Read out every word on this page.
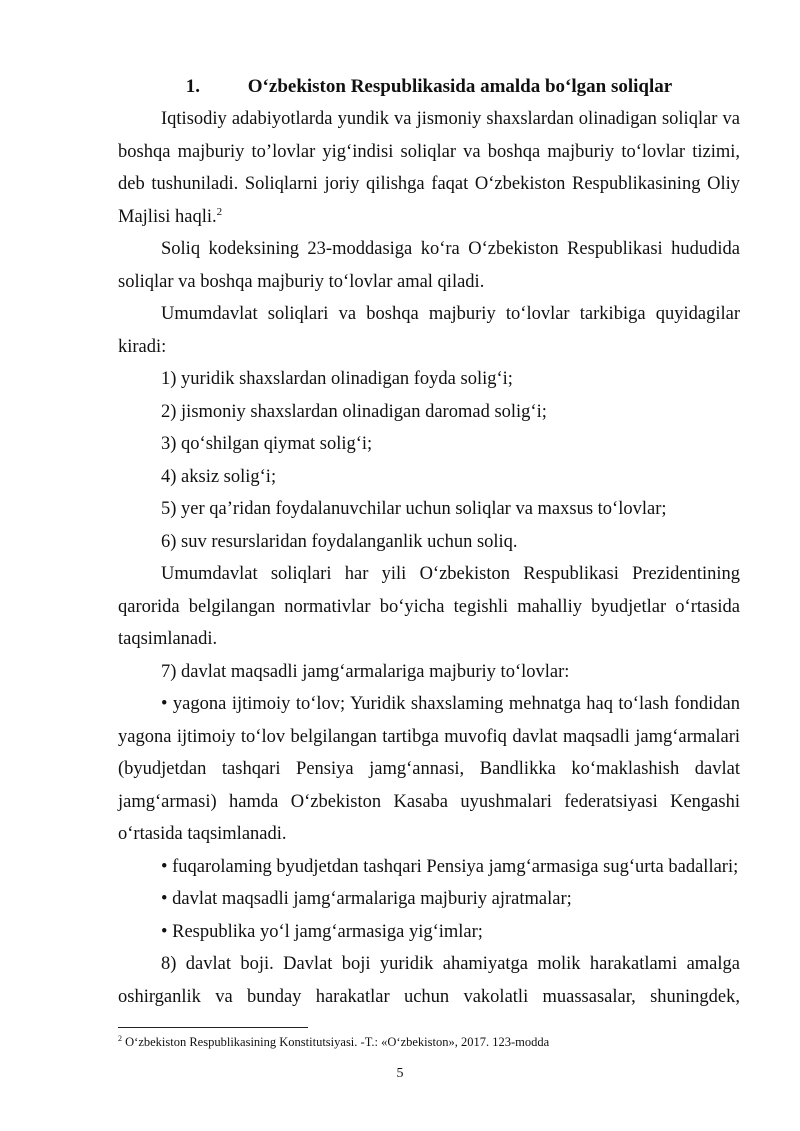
1.	O‘zbekiston Respublikasida amalda bo‘lgan soliqlar

Iqtisodiy adabiyotlarda yundik va jismoniy shaxslardan olinadigan soliqlar va boshqa majburiy to’lovlar yig‘indisi soliqlar va boshqa majburiy to‘lovlar tizimi, deb tushuniladi. Soliqlarni joriy qilishga faqat O‘zbekiston Respublikasining Oliy Majlisi haqli.$^2$

Soliq kodeksining 23-moddasiga ko‘ra O‘zbekiston Respublikasi hududida soliqlar va boshqa majburiy to‘lovlar amal qiladi.

Umumdavlat soliqlari va boshqa majburiy to‘lovlar tarkibiga quyidagilar kiradi:

1) yuridik shaxslardan olinadigan foyda solig‘i;

2) jismoniy shaxslardan olinadigan daromad solig‘i;

3) qo‘shilgan qiymat solig‘i;

4) aksiz solig‘i;

5) yer qa’ridan foydalanuvchilar uchun soliqlar va maxsus to‘lovlar;

6) suv resurslaridan foydalanganlik uchun soliq.

Umumdavlat soliqlari har yili O‘zbekiston Respublikasi Prezidentining qarorida belgilangan normativlar bo‘yicha tegishli mahalliy byudjetlar o‘rtasida taqsimlanadi.

7) davlat maqsadli jamg‘armalariga majburiy to‘lovlar:

• yagona ijtimoiy to‘lov; Yuridik shaxslaming mehnatga haq to‘lash fondidan yagona ijtimoiy to‘lov belgilangan tartibga muvofiq davlat maqsadli jamg‘armalari (byudjetdan tashqari Pensiya jamg‘annasi, Bandlikka ko‘maklashish davlat jamg‘armasi) hamda O‘zbekiston Kasaba uyushmalari federatsiyasi Kengashi o‘rtasida taqsimlanadi.

• fuqarolaming byudjetdan tashqari Pensiya jamg‘armasiga sug‘urta badallari;

• davlat maqsadli jamg‘armalariga majburiy ajratmalar;

• Respublika yo‘l jamg‘armasiga yig‘imlar;

8) davlat boji. Davlat boji yuridik ahamiyatga molik harakatlami amalga oshirganlik va bunday harakatlar uchun vakolatli muassasalar, shuningdek,

$^2$ O‘zbekiston Respublikasining Konstitutsiyasi. -T.: «O‘zbekiston», 2017. 123-modda

5
